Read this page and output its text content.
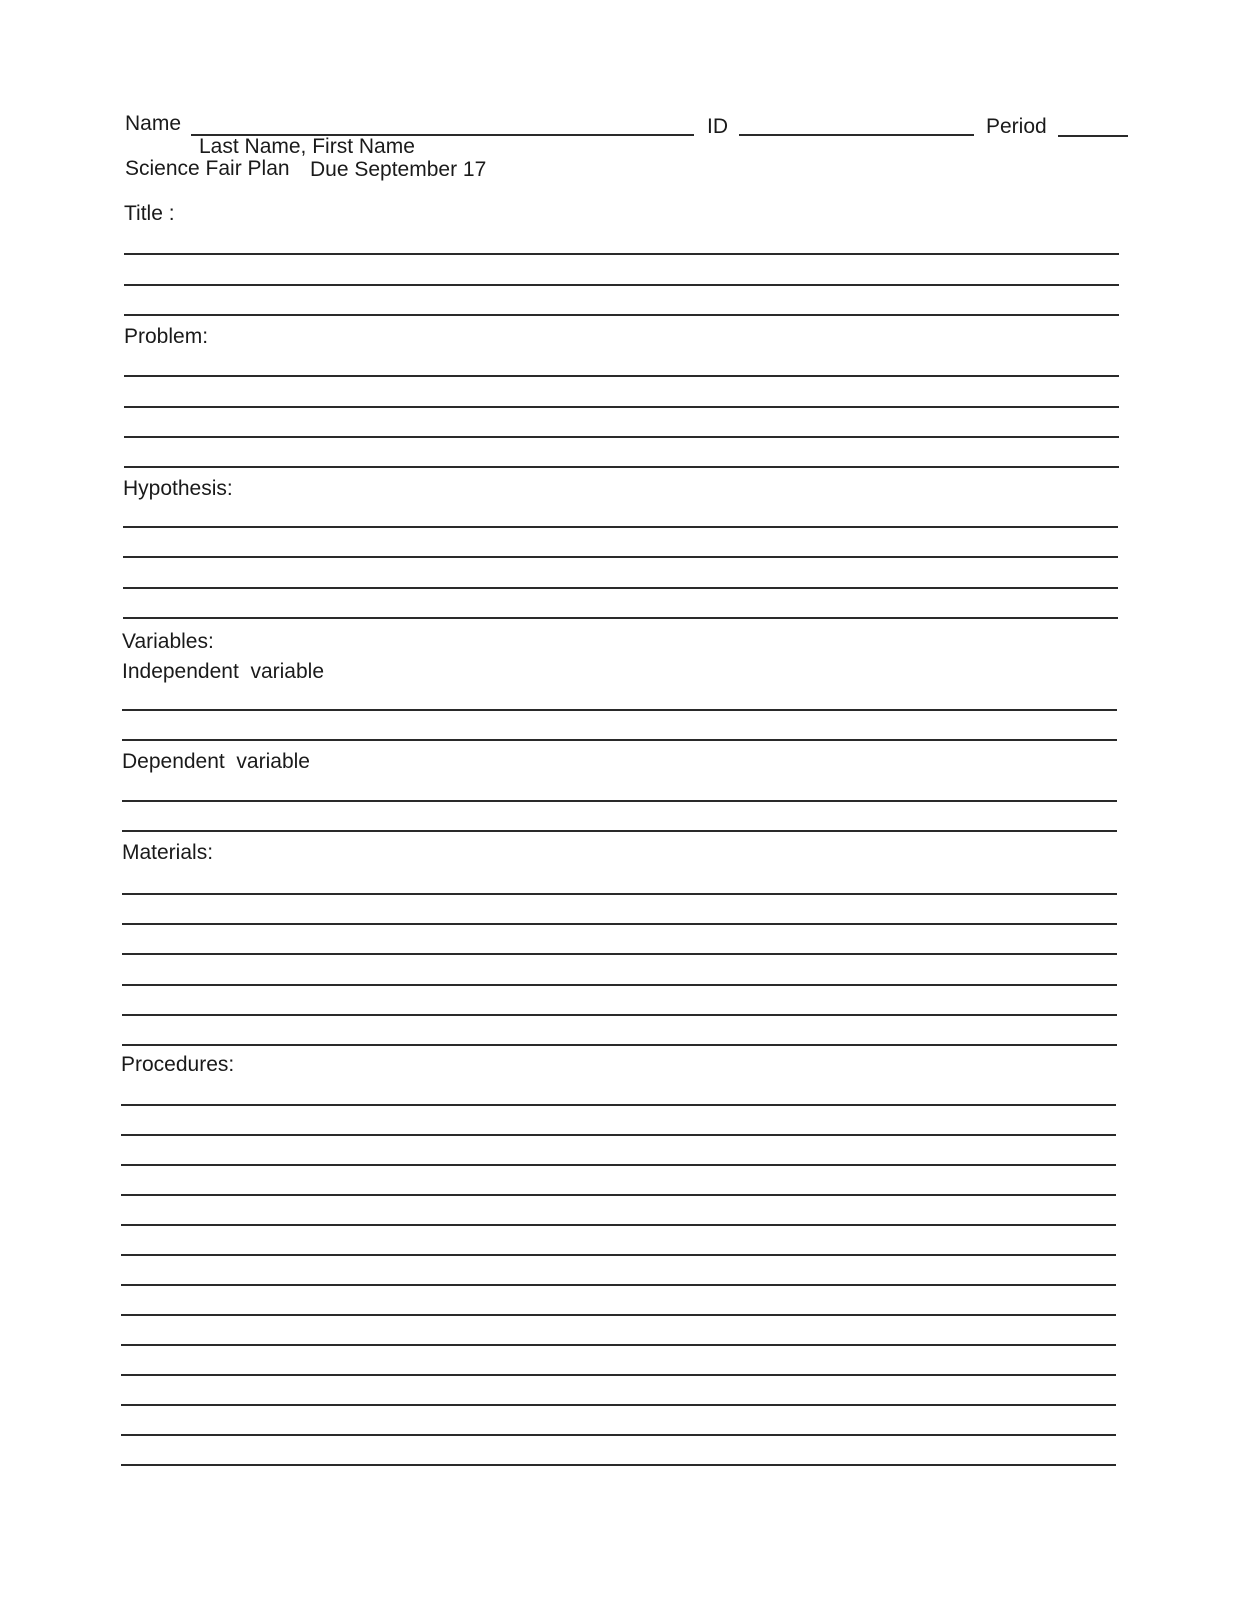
Name	ID	Period
Last Name, First Name
Science Fair Plan Due September 17
Title :
Problem:
Hypothesis:
Variables:
Independent  variable
Dependent  variable
Materials:
Procedures:
